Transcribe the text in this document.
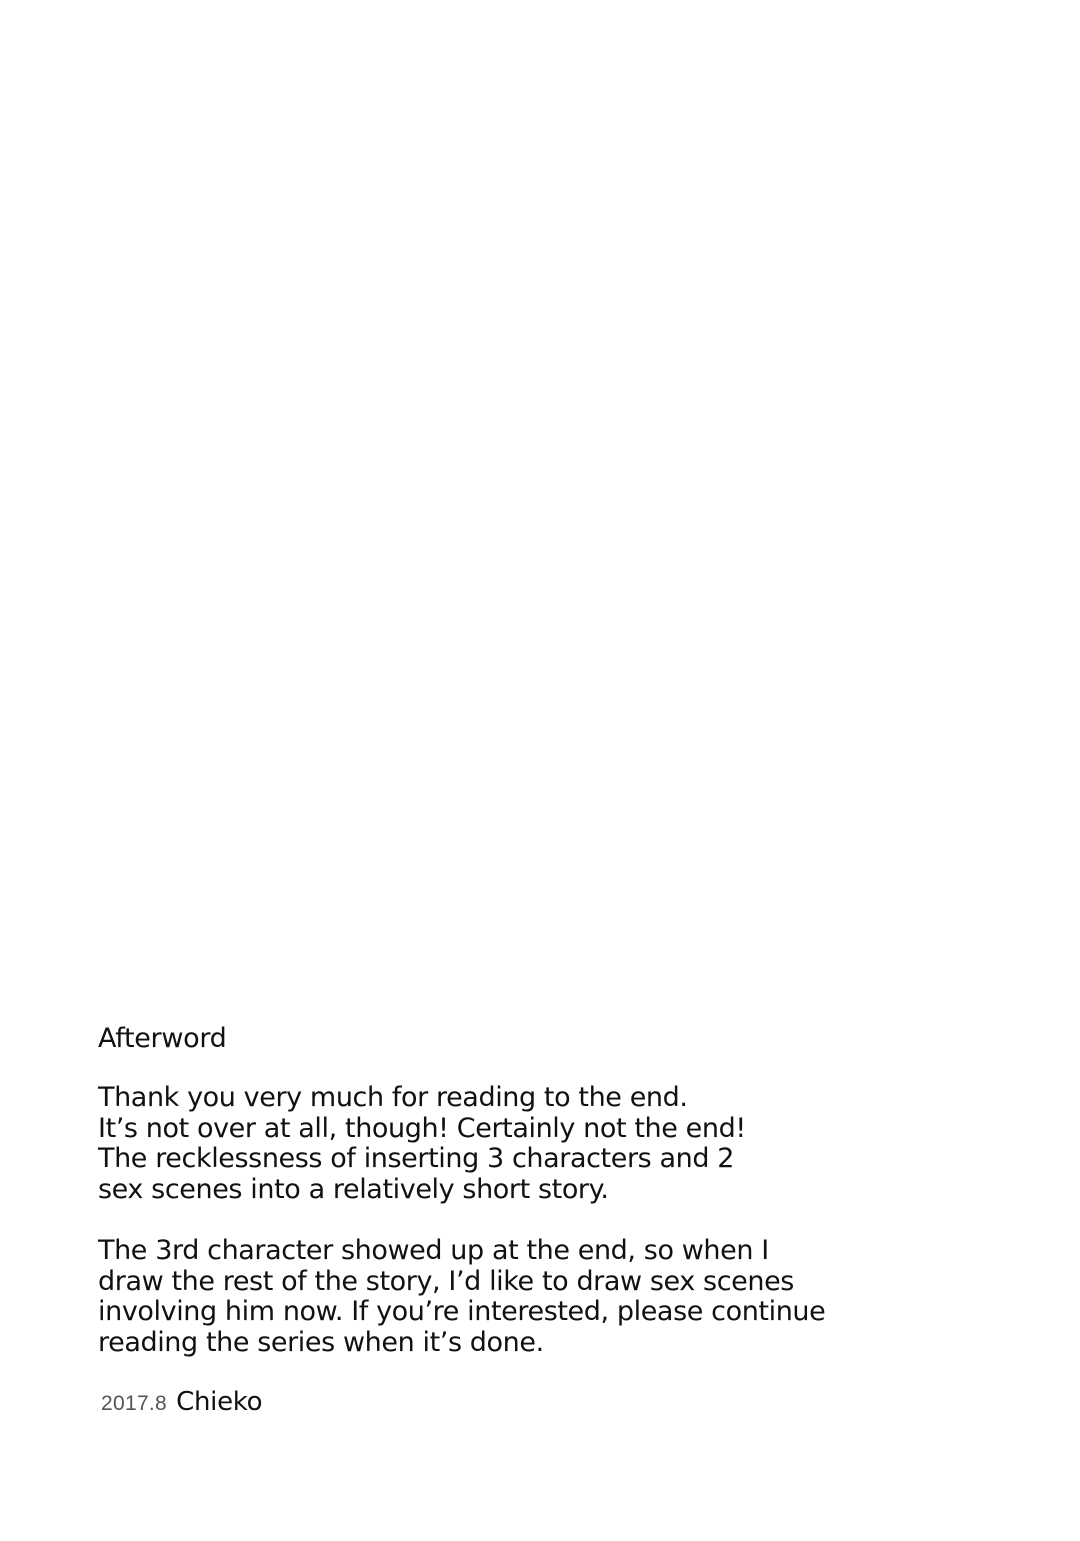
Afterword
Thank you very much for reading to the end.
It’s not over at all, though! Certainly not the end!
The recklessness of inserting 3 characters and 2
sex scenes into a relatively short story.
The 3rd character showed up at the end, so when I
draw the rest of the story, I’d like to draw sex scenes
involving him now. If you’re interested, please continue
reading the series when it’s done.
2017.8 Chieko
